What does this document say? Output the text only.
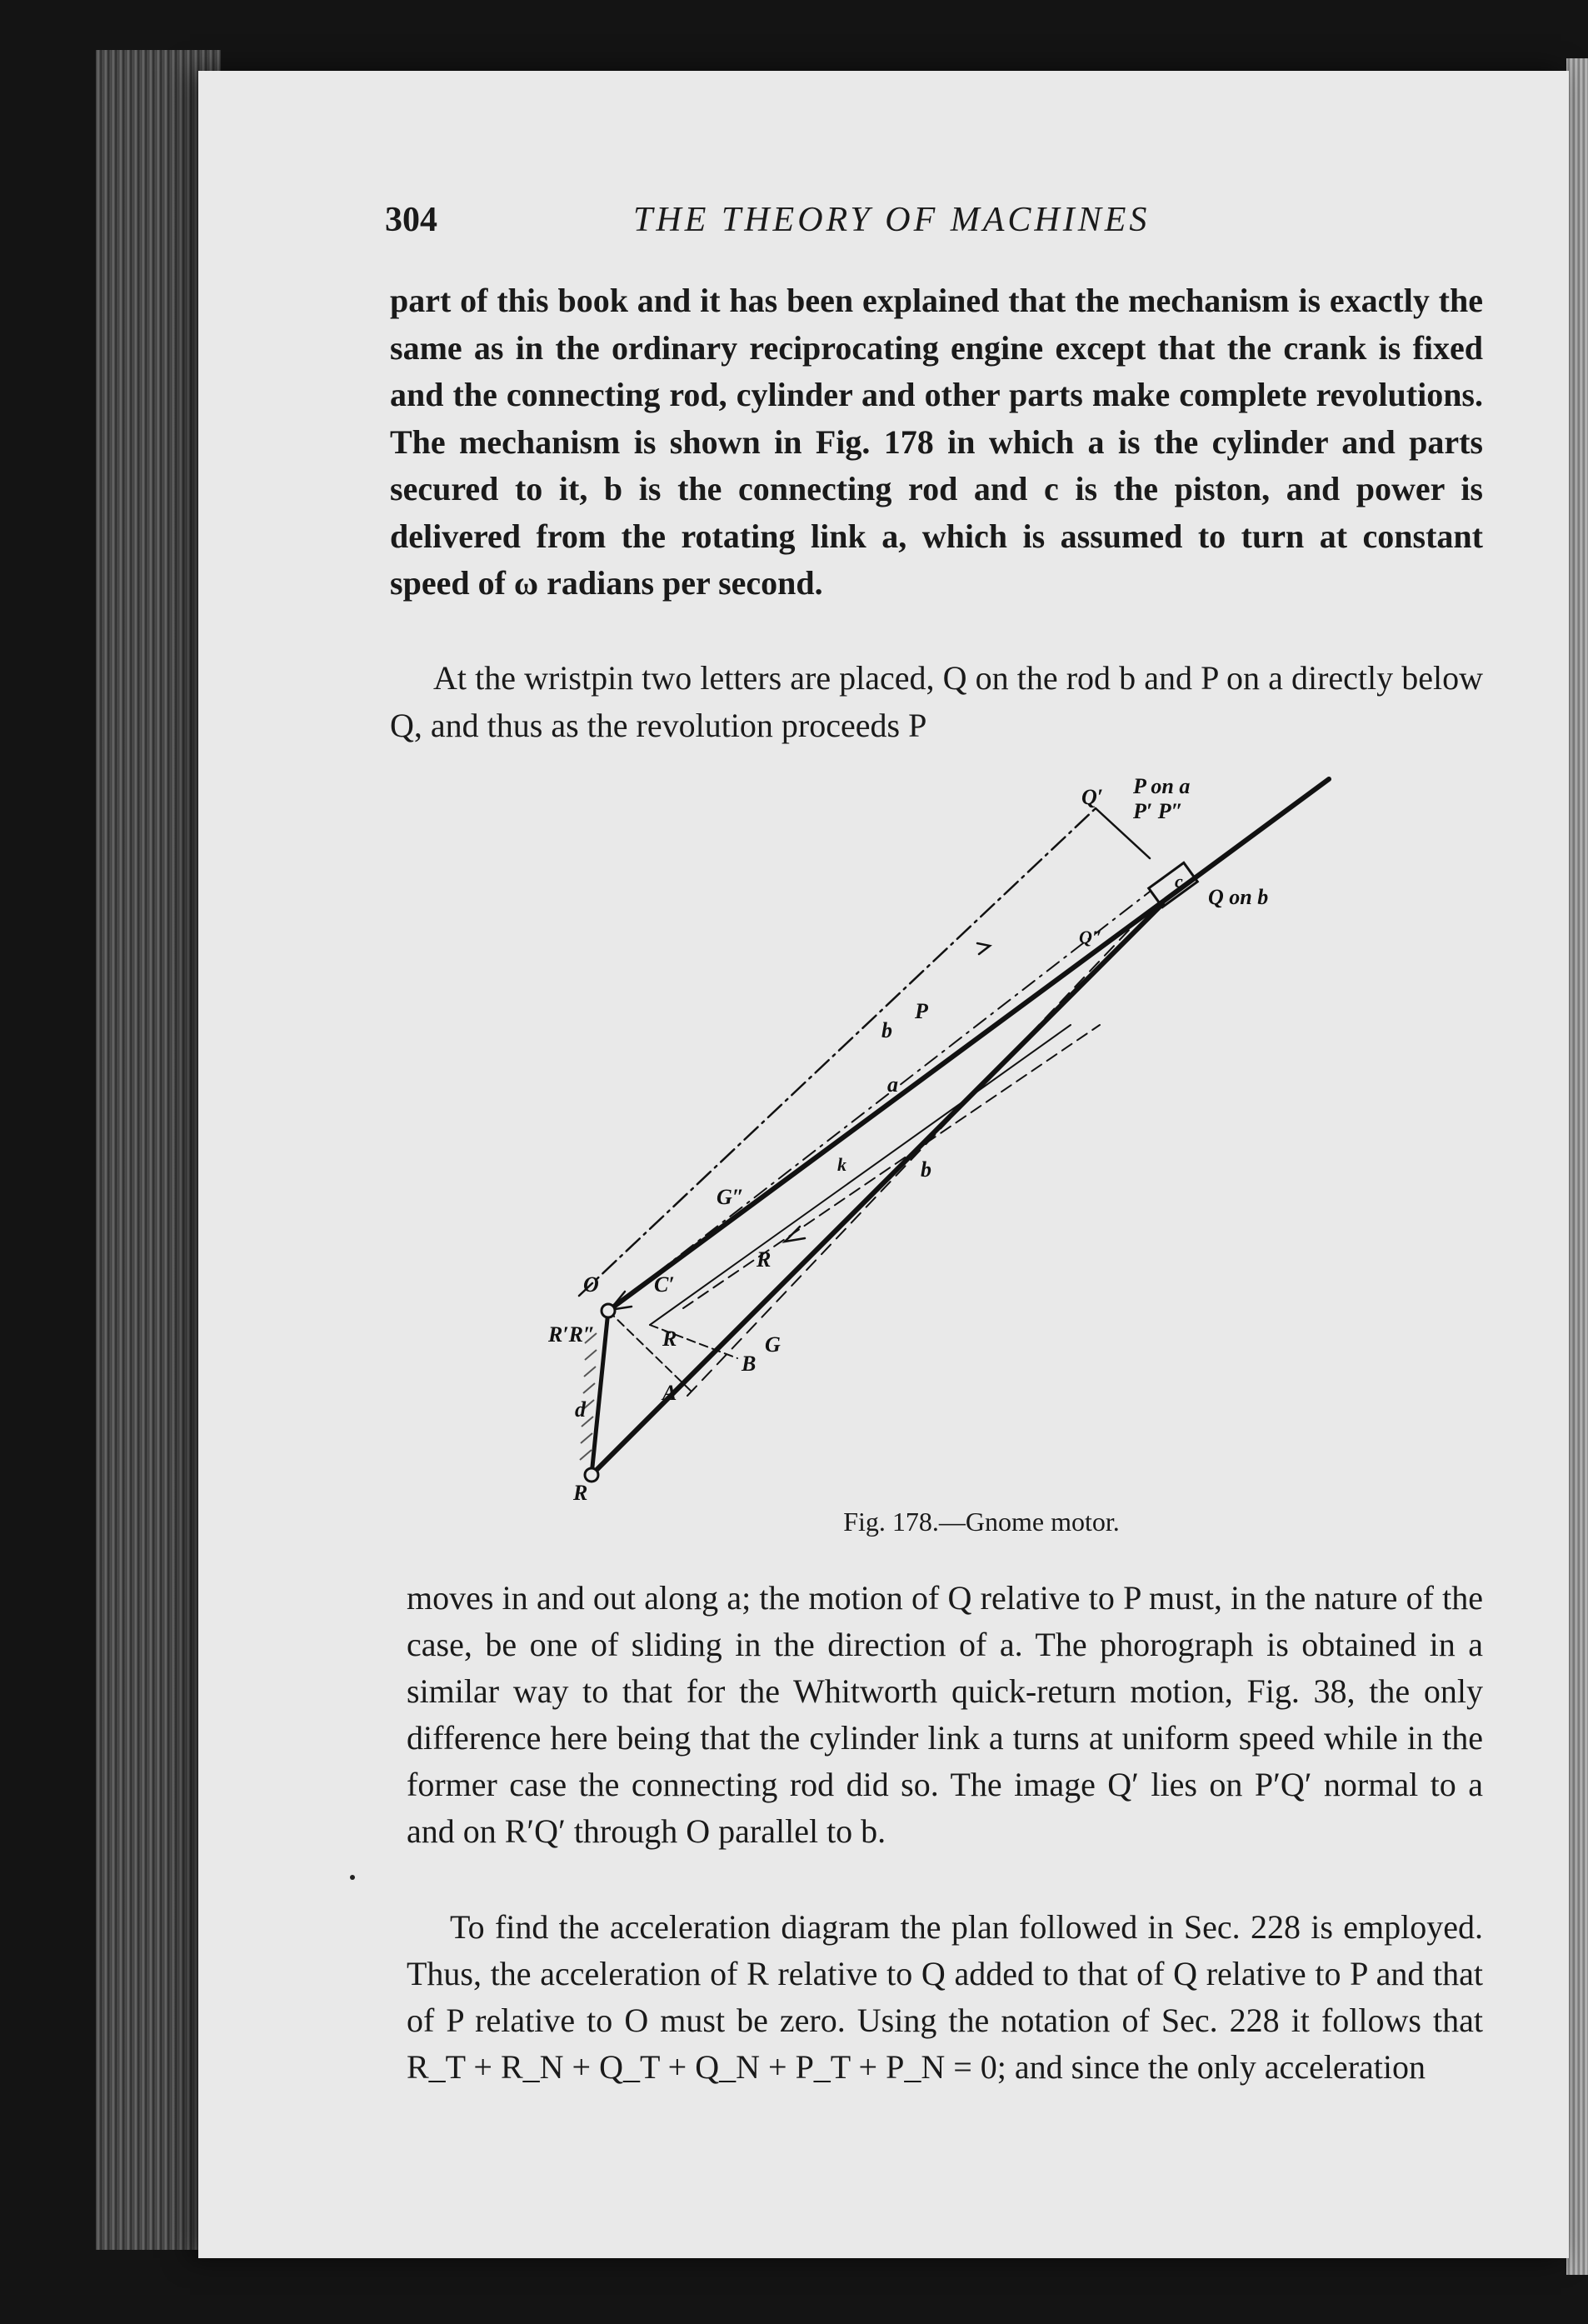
304	THE THEORY OF MACHINES

part of this book and it has been explained that the mechanism is exactly the same as in the ordinary reciprocating engine except that the crank is fixed and the connecting rod, cylinder and other parts make complete revolutions. The mechanism is shown in Fig. 178 in which a is the cylinder and parts secured to it, b is the connecting rod and c is the piston, and power is delivered from the rotating link a, which is assumed to turn at constant speed of ω radians per second.

At the wristpin two letters are placed, Q on the rod b and P on a directly below Q, and thus as the revolution proceeds P

Q′ P on a
P′ P″
Q on b
c
Q″
b
P
a
G″
b
k
O
R′R″
C′
R
R	G
B
A
d
R
Fig. 178.—Gnome motor.

moves in and out along a; the motion of Q relative to P must, in the nature of the case, be one of sliding in the direction of a. The phorograph is obtained in a similar way to that for the Whitworth quick-return motion, Fig. 38, the only difference here being that the cylinder link a turns at uniform speed while in the former case the connecting rod did so. The image Q′ lies on P′Q′ normal to a and on R′Q′ through O parallel to b.

To find the acceleration diagram the plan followed in Sec. 228 is employed. Thus, the acceleration of R relative to Q added to that of Q relative to P and that of P relative to O must be zero. Using the notation of Sec. 228 it follows that R_T + R_N + Q_T + Q_N + P_T + P_N = 0; and since the only acceleration
